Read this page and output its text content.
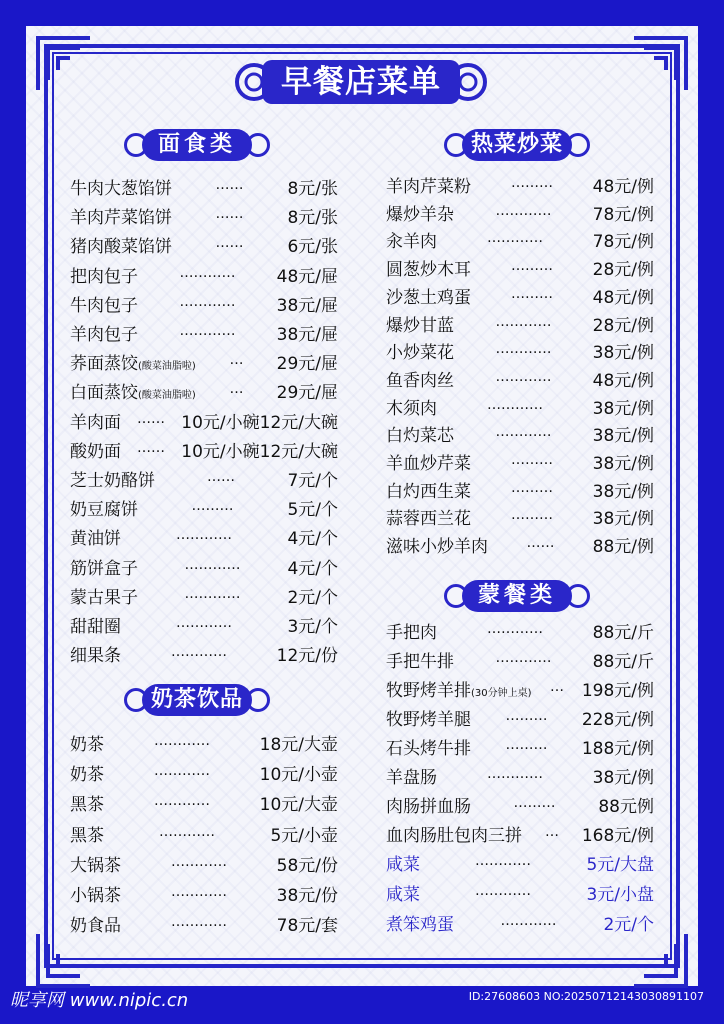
早餐店菜单
面食类	热菜炒菜
奶茶饮品
蒙餐类
牛肉大葱馅饼	8元/张
……
羊肉芹菜馅饼	8元/张
……
猪肉酸菜馅饼	6元/张
……
把肉包子	48元/屉
…………
牛肉包子	38元/屉
…………
羊肉包子	38元/屉
…………
荞面蒸饺(酸菜油脂啦)	29元/屉
…
白面蒸饺(酸菜油脂啦)	29元/屉
…
羊肉面	10元/小碗12元/大碗
……
酸奶面	10元/小碗12元/大碗
……
芝士奶酪饼	7元/个
……
奶豆腐饼	5元/个
………
黄油饼	4元/个
…………
筋饼盒子	4元/个
…………
蒙古果子	2元/个
…………
甜甜圈	3元/个
…………
细果条	12元/份
…………
奶茶	18元/大壶
…………
奶茶	10元/小壶
…………
黑茶	10元/大壶
…………
黑茶	5元/小壶
…………
大锅茶	58元/份
…………
小锅茶	38元/份
…………
奶食品	78元/套
…………
羊肉芹菜粉	48元/例
………
爆炒羊杂	78元/例
…………
汆羊肉	78元/例
…………
圆葱炒木耳	28元/例
………
沙葱土鸡蛋	48元/例
………
爆炒甘蓝	28元/例
…………
小炒菜花	38元/例
…………
鱼香肉丝	48元/例
…………
木须肉	38元/例
…………
白灼菜芯	38元/例
…………
羊血炒芹菜	38元/例
………
白灼西生菜	38元/例
………
蒜蓉西兰花	38元/例
………
滋味小炒羊肉	88元/例
……
手把肉	88元/斤
…………
手把牛排	88元/斤
…………
牧野烤羊排(30分钟上桌)	198元/例
…
牧野烤羊腿	228元/例
………
石头烤牛排	188元/例
………
羊盘肠	38元/例
…………
肉肠拼血肠	88元例
………
血肉肠肚包肉三拼	168元/例
…
咸菜	5元/大盘
…………
咸菜	3元/小盘
…………
煮笨鸡蛋	2元/个
…………
昵享网 www.nipic.cn	ID:27608603 NO:20250712143030891107
